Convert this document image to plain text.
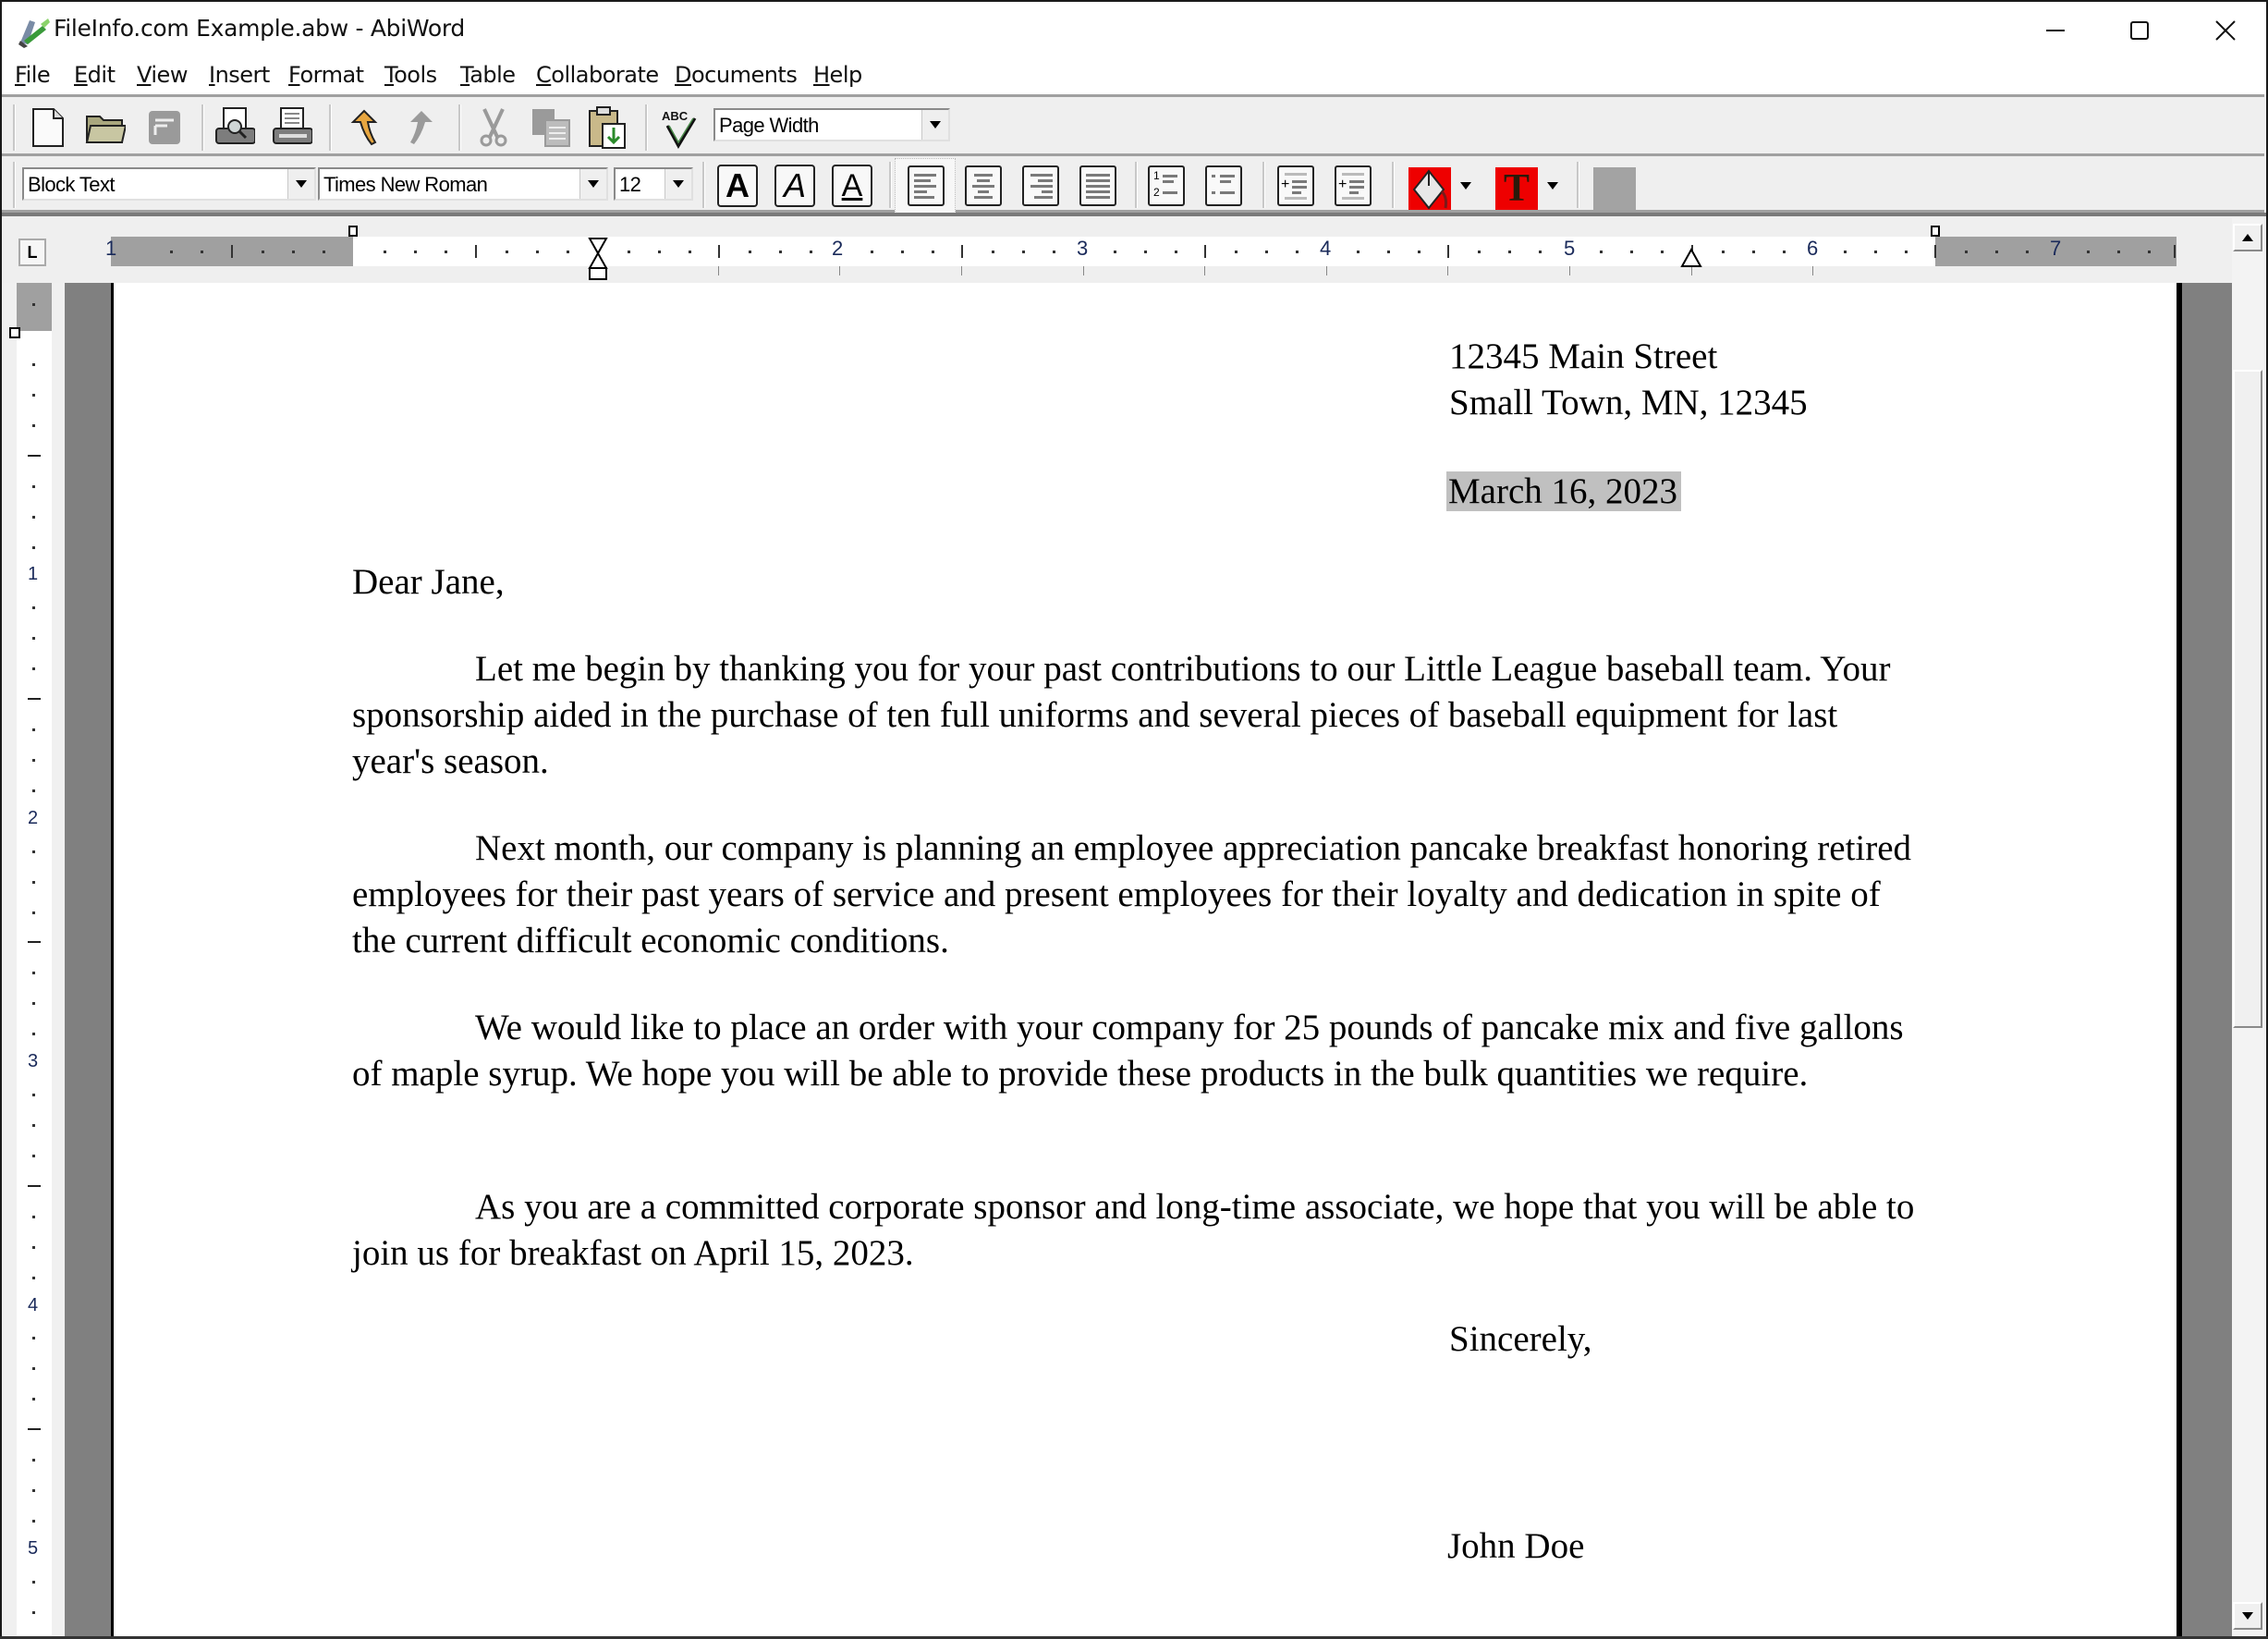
FileInfo.com Example.abw - AbiWord
File Edit View Insert Format Tools Table Collaborate Documents Help
ABC Page Width
Block Text	Times New Roman	12	A A A	1
2	+	+	T
L	1	2	3	4	5	6	7
1
2
3
4
5
12345 Main Street
Small Town, MN, 12345
March 16, 2023
Dear Jane,
Let me begin by thanking you for your past contributions to our Little League baseball team. Your sponsorship aided in the purchase of ten full uniforms and several pieces of baseball equipment for last year's season.
Next month, our company is planning an employee appreciation pancake breakfast honoring retired employees for their past years of service and present employees for their loyalty and dedication in spite of the current difficult economic conditions.
We would like to place an order with your company for 25 pounds of pancake mix and five gallons of maple syrup. We hope you will be able to provide these products in the bulk quantities we require.
As you are a committed corporate sponsor and long-time associate, we hope that you will be able to join us for breakfast on April 15, 2023.
Sincerely,
John Doe
